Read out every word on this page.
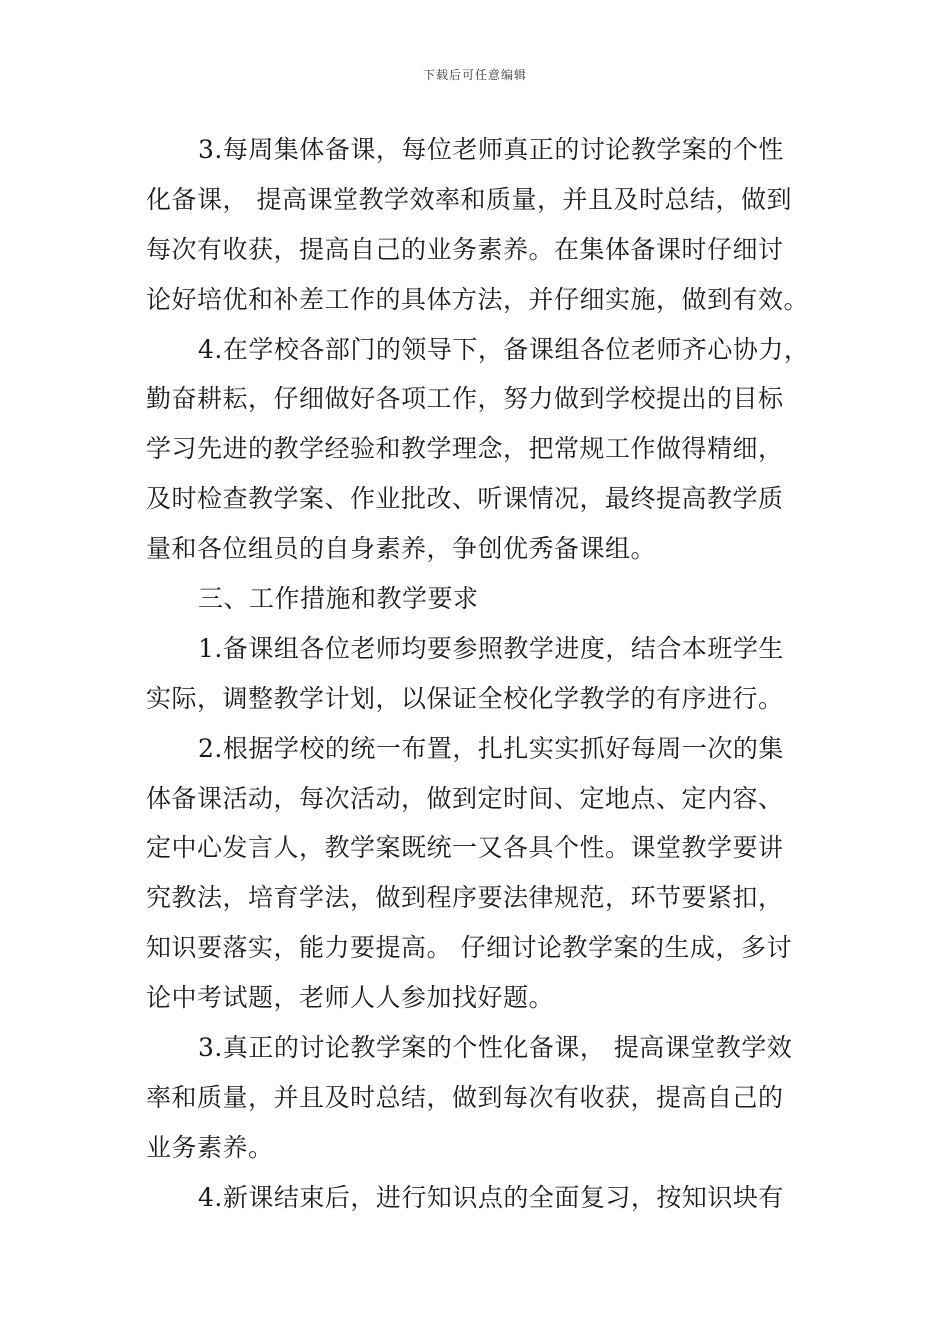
下载后可任意编辑
3.每周集体备课，每位老师真正的讨论教学案的个性
化备课， 提高课堂教学效率和质量，并且及时总结，做到
每次有收获，提高自己的业务素养。在集体备课时仔细讨
论好培优和补差工作的具体方法，并仔细实施，做到有效。
4.在学校各部门的领导下，备课组各位老师齐心协力，
勤奋耕耘，仔细做好各项工作，努力做到学校提出的目标
学习先进的教学经验和教学理念，把常规工作做得精细，
及时检查教学案、作业批改、听课情况，最终提高教学质
量和各位组员的自身素养，争创优秀备课组。
三、工作措施和教学要求
1.备课组各位老师均要参照教学进度，结合本班学生
实际，调整教学计划，以保证全校化学教学的有序进行。
2.根据学校的统一布置，扎扎实实抓好每周一次的集
体备课活动，每次活动，做到定时间、定地点、定内容、
定中心发言人，教学案既统一又各具个性。课堂教学要讲
究教法，培育学法，做到程序要法律规范，环节要紧扣，
知识要落实，能力要提高。 仔细讨论教学案的生成，多讨
论中考试题，老师人人参加找好题。
3.真正的讨论教学案的个性化备课， 提高课堂教学效
率和质量，并且及时总结，做到每次有收获，提高自己的
业务素养。
4.新课结束后，进行知识点的全面复习，按知识块有
